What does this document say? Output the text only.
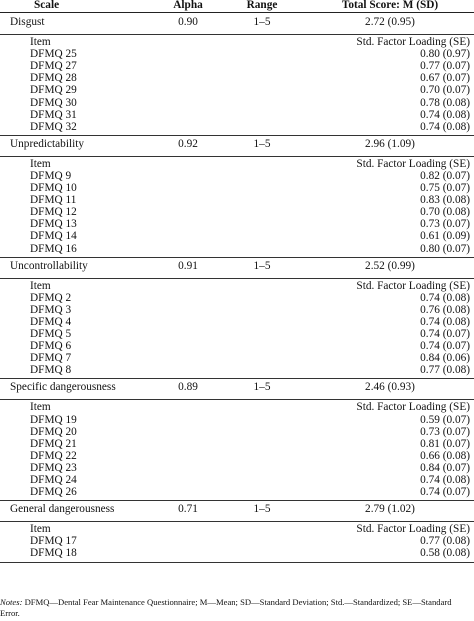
Scale	Alpha	Range	Total Score: M (SD)
Disgust	0.90	1–5	2.72 (0.95)
Item	Std. Factor Loading (SE)
DFMQ 25	0.80 (0.97)
DFMQ 27	0.77 (0.07)
DFMQ 28	0.67 (0.07)
DFMQ 29	0.70 (0.07)
DFMQ 30	0.78 (0.08)
DFMQ 31	0.74 (0.08)
DFMQ 32	0.74 (0.08)
Unpredictability	0.92	1–5	2.96 (1.09)
Item	Std. Factor Loading (SE)
DFMQ 9	0.82 (0.07)
DFMQ 10	0.75 (0.07)
DFMQ 11	0.83 (0.08)
DFMQ 12	0.70 (0.08)
DFMQ 13	0.73 (0.07)
DFMQ 14	0.61 (0.09)
DFMQ 16	0.80 (0.07)
Uncontrollability	0.91	1–5	2.52 (0.99)
Item	Std. Factor Loading (SE)
DFMQ 2	0.74 (0.08)
DFMQ 3	0.76 (0.08)
DFMQ 4	0.74 (0.08)
DFMQ 5	0.74 (0.07)
DFMQ 6	0.74 (0.07)
DFMQ 7	0.84 (0.06)
DFMQ 8	0.77 (0.08)
Specific dangerousness	0.89	1–5	2.46 (0.93)
Item	Std. Factor Loading (SE)
DFMQ 19	0.59 (0.07)
DFMQ 20	0.73 (0.07)
DFMQ 21	0.81 (0.07)
DFMQ 22	0.66 (0.08)
DFMQ 23	0.84 (0.07)
DFMQ 24	0.74 (0.08)
DFMQ 26	0.74 (0.07)
General dangerousness	0.71	1–5	2.79 (1.02)
Item	Std. Factor Loading (SE)
DFMQ 17	0.77 (0.08)
DFMQ 18	0.58 (0.08)
Notes: DFMQ—Dental Fear Maintenance Questionnaire; M—Mean; SD—Standard Deviation; Std.—Standardized; SE—Standard Error.
